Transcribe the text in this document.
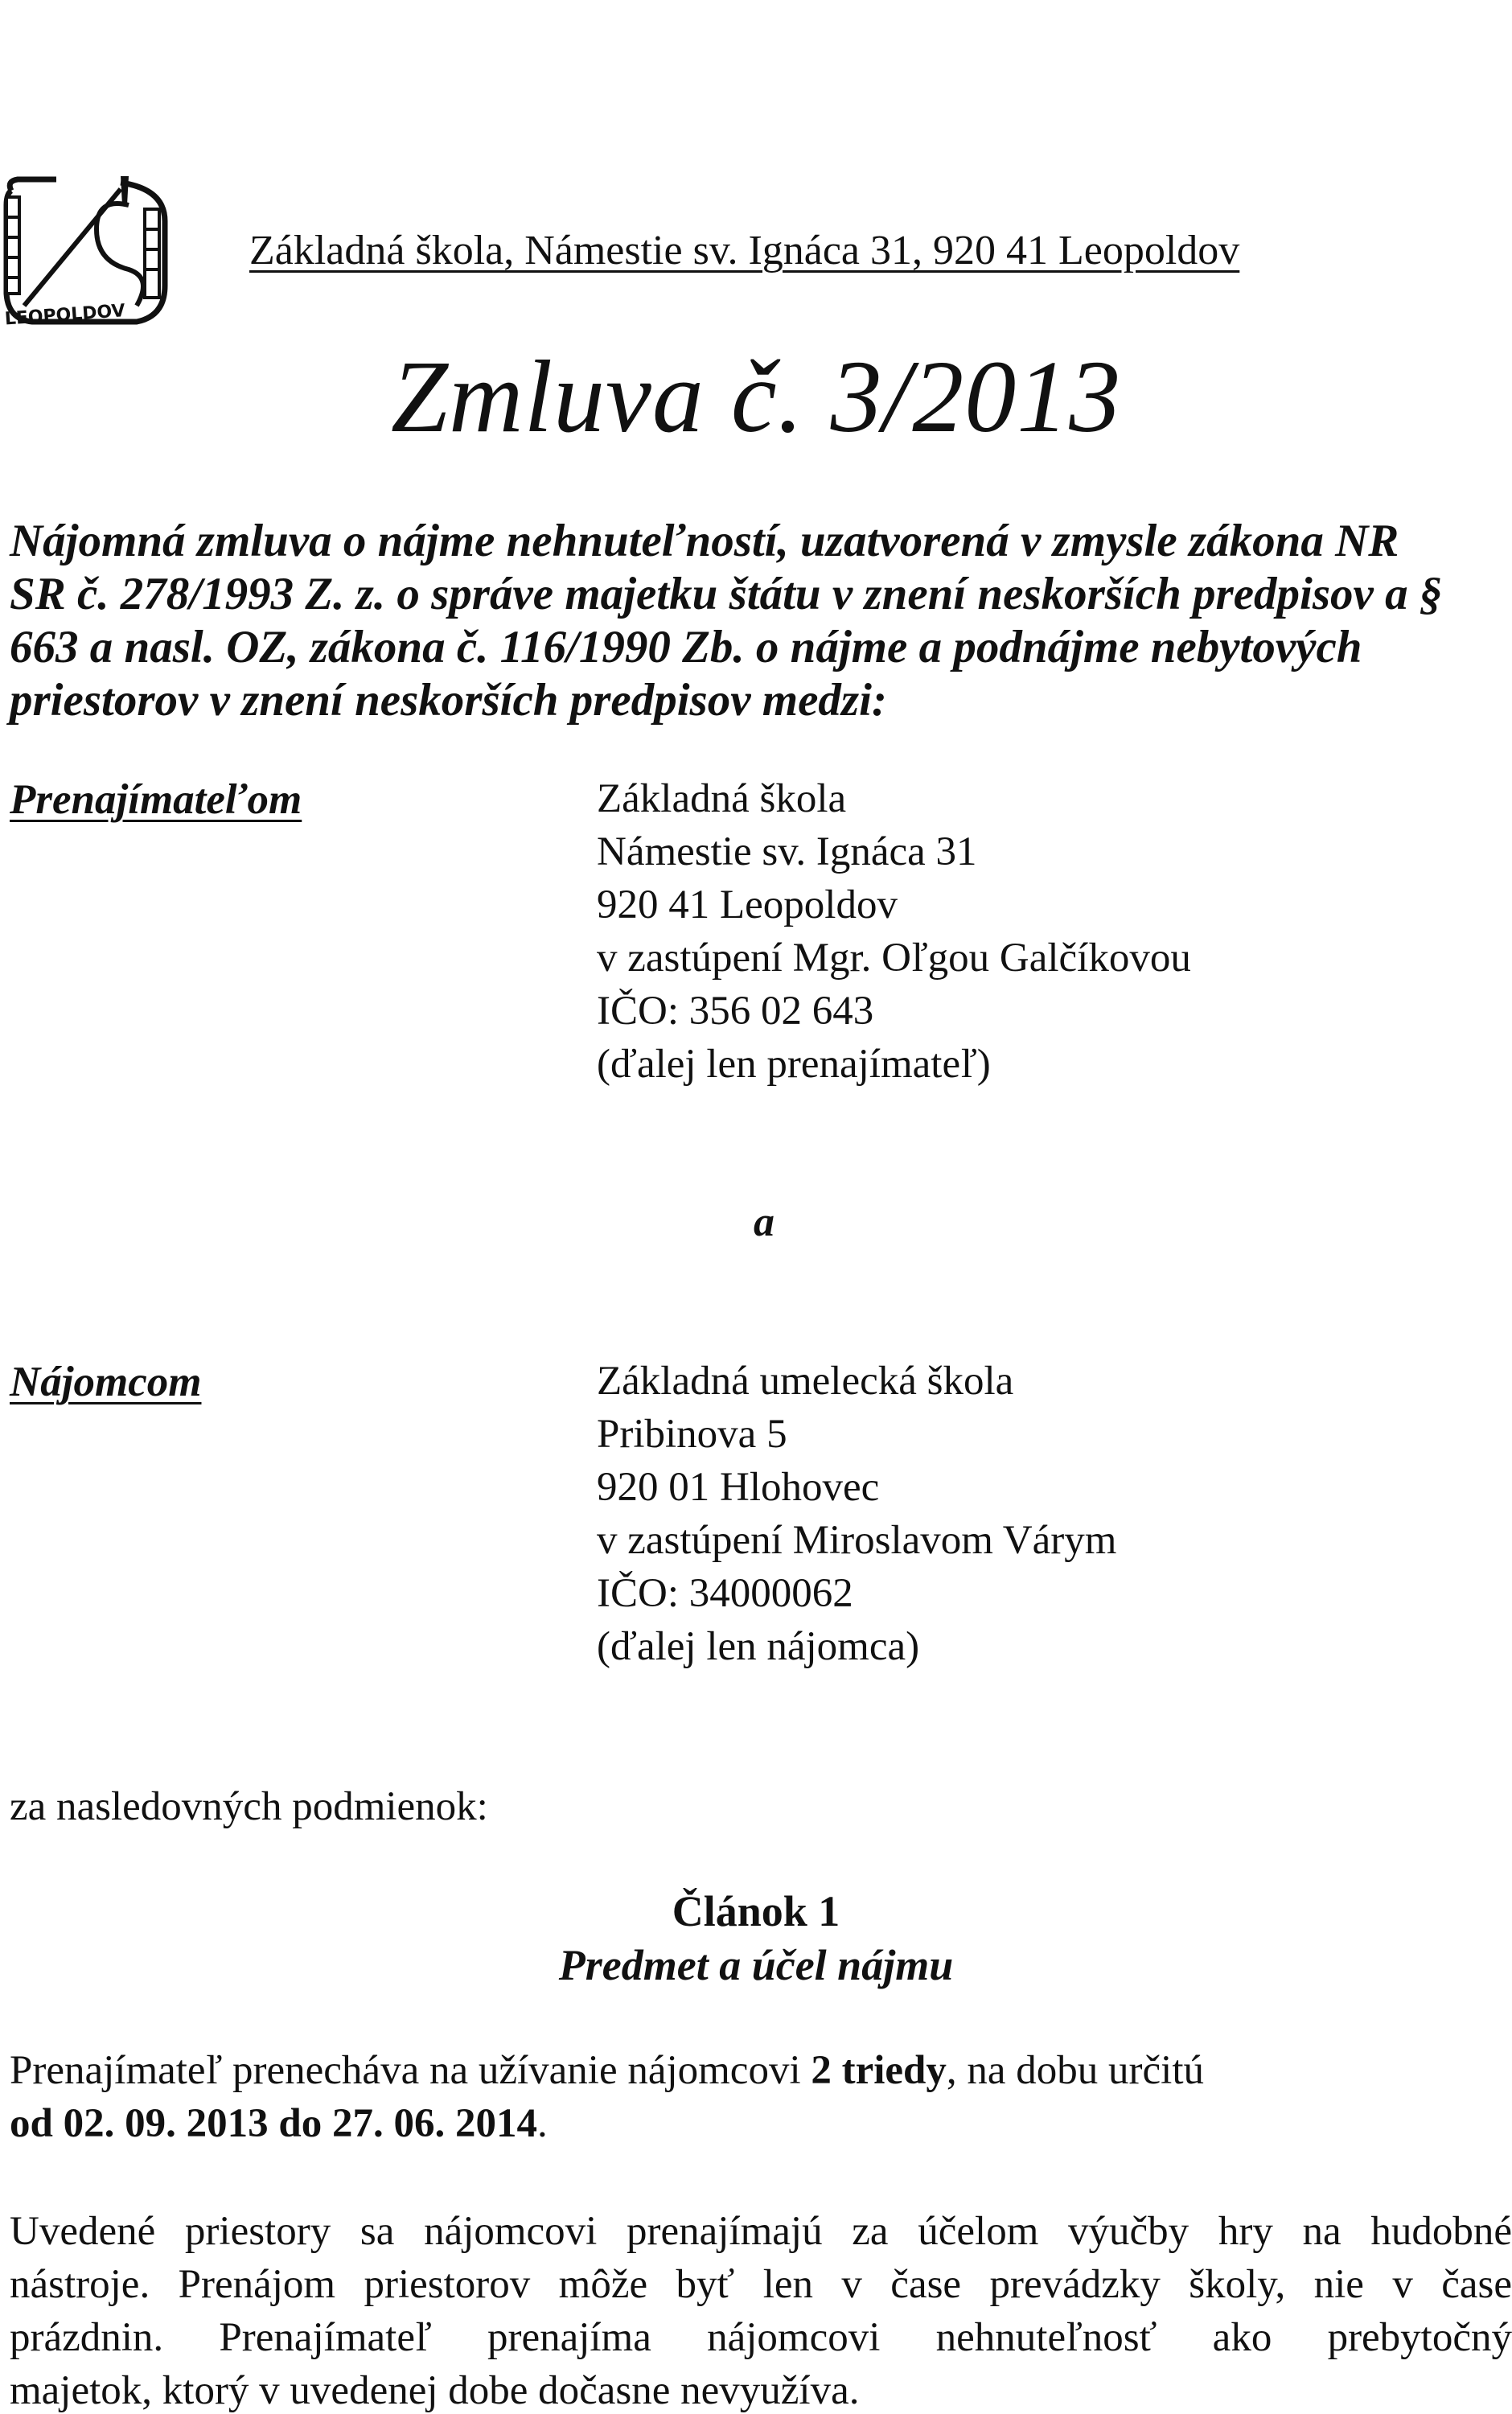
LEOPOLDOV
Základná škola, Námestie sv. Ignáca 31, 920 41 Leopoldov
Zmluva č. 3/2013
Nájomná zmluva o nájme nehnuteľností, uzatvorená v zmysle zákona NR
SR č. 278/1993 Z. z. o správe majetku štátu v znení neskorších predpisov a §
663 a nasl. OZ, zákona č. 116/1990 Zb. o nájme a podnájme nebytových
priestorov v znení neskorších predpisov medzi:
Prenajímateľom	Základná škola
Námestie sv. Ignáca 31
920 41 Leopoldov
v zastúpení Mgr. Oľgou Galčíkovou
IČO: 356 02 643
(ďalej len prenajímateľ)
a
Nájomcom	Základná umelecká škola
Pribinova 5
920 01 Hlohovec
v zastúpení Miroslavom Várym
IČO: 34000062
(ďalej len nájomca)
za nasledovných podmienok:
Článok 1
Predmet a účel nájmu
Prenajímateľ prenecháva na užívanie nájomcovi 2 triedy, na dobu určitú
od 02. 09. 2013 do 27. 06. 2014.
Uvedené priestory sa nájomcovi prenajímajú za účelom výučby hry na hudobné
nástroje. Prenájom priestorov môže byť len v čase prevádzky školy, nie v čase
prázdnin. Prenajímateľ prenajíma nájomcovi nehnuteľnosť ako prebytočný
majetok, ktorý v uvedenej dobe dočasne nevyužíva.
